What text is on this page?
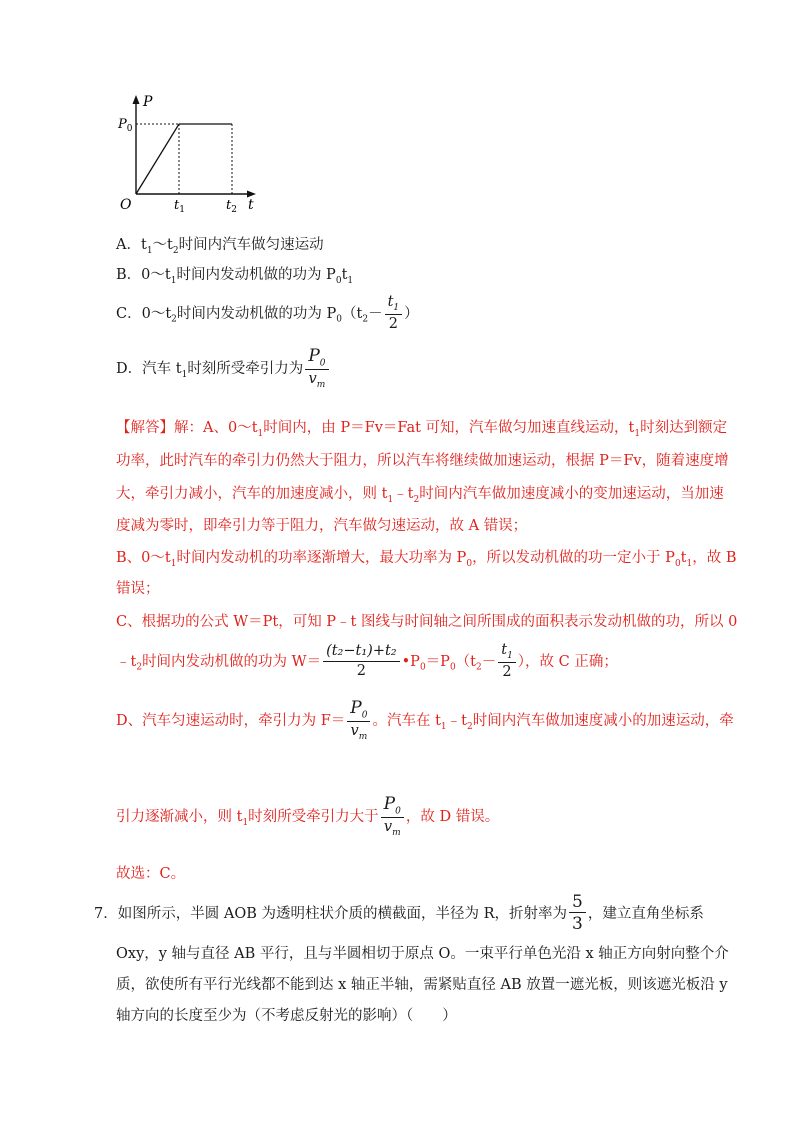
P
$P_0$
O	$t_1$	$t_2$ t
A．$t_1\sim t_2$时间内汽车做匀速运动
B．$0\sim t_1$时间内发动机做的功为 $P_0t_1$
C．$0\sim t_2$时间内发动机做的功为 $P_0(t_2- \frac{t_1}{2}$ ）
D．汽车 $t_1$时刻所受牵引力为 $\frac{P_0}{v_m}$
【解答】解：A、$0\sim t_1$时间内，由 P＝Fv＝Fat 可知，汽车做匀加速直线运动，$t_1$时刻达到额定
功率，此时汽车的牵引力仍然大于阻力，所以汽车将继续做加速运动，根据 P＝Fv，随着速度增
大，牵引力减小，汽车的加速度减小，则 $t_1﹣t_2$时间内汽车做加速度减小的变加速运动，当加速
度减为零时，即牵引力等于阻力，汽车做匀速运动，故 A 错误；
B、$0\sim t_1$时间内发动机的功率逐渐增大，最大功率为 $P_0$，所以发动机做的功一定小于 $P_0t_1$，故 B
错误；
C、根据功的公式 W＝Pt，可知 P﹣t 图线与时间轴之间所围成的面积表示发动机做的功，所以 0
$﹣t_2$时间内发动机做的功为 $W= \frac{\text{(t₂−t₁)+t₂}}{2}$ $•P_0=P_0(t_2- \frac{t_1}{2}$ ），故 C 正确；
D、汽车匀速运动时，牵引力为 $F= \frac{P_0}{v_m}$ 。汽车在 $t_1﹣t_2$时间内汽车做加速度减小的加速运动，牵
引力逐渐减小，则 $t_1$时刻所受牵引力大于 $\frac{P_0}{v_m}$ ，故 D 错误。
故选：C。
7．如图所示，半圆 AOB 为透明柱状介质的横截面，半径为 R，折射率为 $\frac{5}{3}$ ，建立直角坐标系
Oxy，y 轴与直径 AB 平行，且与半圆相切于原点 O。一束平行单色光沿 x 轴正方向射向整个介
质，欲使所有平行光线都不能到达 x 轴正半轴，需紧贴直径 AB 放置一遮光板，则该遮光板沿 y
轴方向的长度至少为（不考虑反射光的影响）（　　）
